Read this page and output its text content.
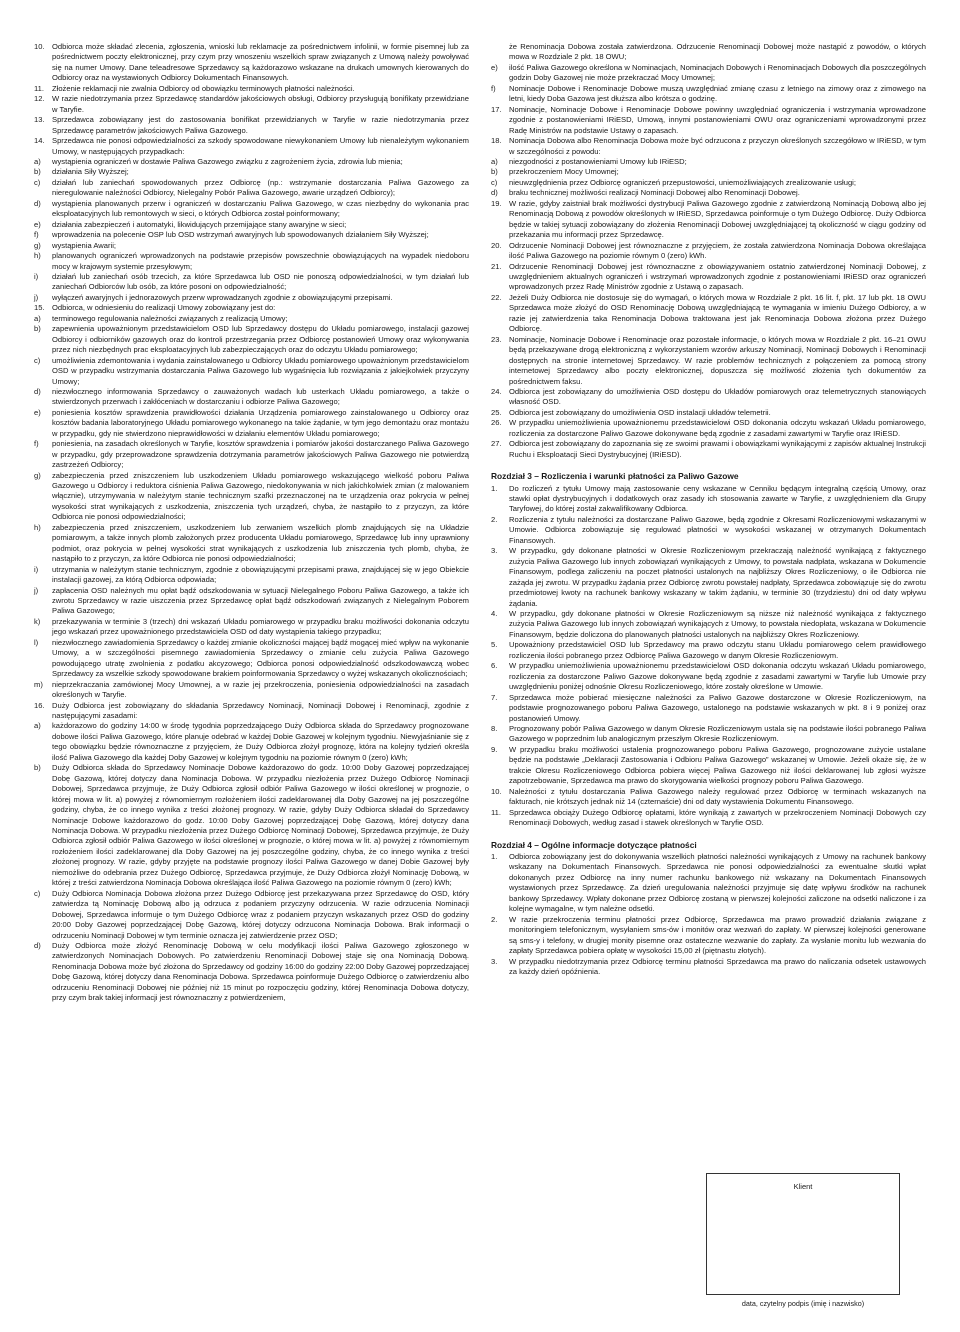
10. Odbiorca może składać zlecenia, zgłoszenia, wnioski lub reklamacje za pośrednictwem infolinii, w formie pisemnej lub za pośrednictwem poczty elektronicznej, przy czym przy wnoszeniu wszelkich spraw związanych z Umową należy powoływać się na numer Umowy. Dane teleadresowe Sprzedawcy są każdorazowo wskazane na drukach umownych kierowanych do Odbiorcy oraz na wystawionych Odbiorcy Dokumentach Finansowych.
11.	Złożenie reklamacji nie zwalnia Odbiorcy od obowiązku terminowych płatności należności.
12. W razie niedotrzymania przez Sprzedawcę standardów jakościowych obsługi, Odbiorcy przysługują bonifikaty przewidziane w Taryfie.
13. Sprzedawca zobowiązany jest do zastosowania bonifikat przewidzianych w Taryfie w razie niedotrzymania przez Sprzedawcę parametrów jakościowych Paliwa Gazowego.
14. Sprzedawca nie ponosi odpowiedzialności za szkody spowodowane niewykonaniem Umowy lub nienależytym wykonaniem Umowy, w następujących przypadkach:
a)	wystąpienia ograniczeń w dostawie Paliwa Gazowego związku z zagrożeniem życia, zdrowia lub mienia;
b)	działania Siły Wyższej;
c)	działań lub zaniechań spowodowanych przez Odbiorcę (np.: wstrzymanie dostarczania Paliwa Gazowego za nieregulowanie należności Odbiorcy, Nielegalny Pobór Paliwa Gazowego, awarie urządzeń Odbiorcy);
d)	wystąpienia planowanych przerw i ograniczeń w dostarczaniu Paliwa Gazowego, w czas niezbędny do wykonania prac eksploatacyjnych lub remontowych w sieci, o których Odbiorca został poinformowany;
e)	działania zabezpieczeń i automatyki, likwidujących przemijające stany awaryjne w sieci;
f)	wprowadzenia na polecenie OSP lub OSD wstrzymań awaryjnych lub spowodowanych działaniem Siły Wyższej;
g)	wystąpienia Awarii;
h)	planowanych ograniczeń wprowadzonych na podstawie przepisów powszechnie obowiązujących na wypadek niedoboru mocy w krajowym systemie przesyłowym;
i)	działań lub zaniechań osób trzecich, za które Sprzedawca lub OSD nie ponoszą odpowiedzialności, w tym działań lub zaniechań Odbiorców lub osób, za które posoni on odpowiedzialność;
j)	wyłączeń awaryjnych i jednorazowych przerw wprowadzanych zgodnie z obowiązującymi przepisami.
15. Odbiorca, w odniesieniu do realizacji Umowy zobowiązany jest do:
a)	terminowego regulowania należności związanych z realizacją Umowy;
b)	zapewnienia upoważnionym przedstawicielom OSD lub Sprzedawcy dostępu do Układu pomiarowego, instalacji gazowej Odbiorcy i odbiorników gazowych oraz do kontroli przestrzegania przez Odbiorcę postanowień Umowy oraz wykonywania przez nich niezbędnych prac eksploatacyjnych lub zabezpieczających oraz do odczytu Układu pomiarowego;
c)	umożliwienia zdemontowania i wydania zainstalowanego u Odbiorcy Układu pomiarowego upoważnionym przedstawicielom OSD w przypadku wstrzymania dostarczania Paliwa Gazowego lub wygaśnięcia lub rozwiązania z jakiejkolwiek przyczyny Umowy;
d)	niezwłocznego informowania Sprzedawcy o zauważonych wadach lub usterkach Układu pomiarowego, a także o stwierdzonych przerwach i zakłóceniach w dostarczaniu i odbiorze Paliwa Gazowego;
e)	poniesienia kosztów sprawdzenia prawidłowości działania Urządzenia pomiarowego zainstalowanego u Odbiorcy oraz kosztów badania laboratoryjnego Układu pomiarowego wykonanego na takie żądanie, w tym jego demontażu oraz montażu w przypadku, gdy nie stwierdzono nieprawidłowości w działaniu elementów Układu pomiarowego;
f)	poniesienia, na zasadach określonych w Taryfie, kosztów sprawdzenia i pomiarów jakości dostarczanego Paliwa Gazowego w przypadku, gdy przeprowadzone sprawdzenia dotrzymania parametrów jakościowych Paliwa Gazowego nie potwierdzą zastrzeżeń Odbiorcy;
g)	zabezpieczenia przed zniszczeniem lub uszkodzeniem Układu pomiarowego wskazującego wielkość poboru Paliwa Gazowego u Odbiorcy i reduktora ciśnienia Paliwa Gazowego, niedokonywania w nich jakichkolwiek zmian (z malowaniem włącznie), utrzymywania w należytym stanie technicznym szafki przeznaczonej na te urządzenia oraz pokrycia w pełnej wysokości strat wynikających z uszkodzenia, zniszczenia tych urządzeń, chyba, że nastąpiło to z przyczyn, za które Odbiorca nie ponosi odpowiedzialności;
h)	zabezpieczenia przed zniszczeniem, uszkodzeniem lub zerwaniem wszelkich plomb znajdujących się na Układzie pomiarowym, a także innych plomb założonych przez producenta Układu pomiarowego, Sprzedawcę lub inny uprawniony podmiot, oraz pokrycia w pełnej wysokości strat wynikających z uszkodzenia lub zniszczenia tych plomb, chyba, że nastąpiło to z przyczyn, za które Odbiorca nie ponosi odpowiedzialności;
i)	utrzymania w należytym stanie technicznym, zgodnie z obowiązującymi przepisami prawa, znajdującej się w jego Obiekcie instalacji gazowej, za którą Odbiorca odpowiada;
j)	zapłacenia OSD należnych mu opłat bądź odszkodowania w sytuacji Nielegalnego Poboru Paliwa Gazowego, a także ich zwrotu Sprzedawcy w razie uiszczenia przez Sprzedawcę opłat bądź odszkodowań związanych z Nielegalnym Poborem Paliwa Gazowego;
k)	przekazywania w terminie 3 (trzech) dni wskazań Układu pomiarowego w przypadku braku możliwości dokonania odczytu jego wskazań przez upoważnionego przedstawiciela OSD od daty wystąpienia takiego przypadku;
l)	niezwłocznego zawiadomienia Sprzedawcy o każdej zmianie okoliczności mającej bądź mogącej mieć wpływ na wykonanie Umowy, a w szczególności pisemnego zawiadomienia Sprzedawcy o zmianie celu zużycia Paliwa Gazowego powodującego utratę zwolnienia z podatku akcyzowego; Odbiorca ponosi odpowiedzialność odszkodowawczą wobec Sprzedawcy za wszelkie szkody spowodowane brakiem poinformowania Sprzedawcy o wyżej wskazanych okolicznościach;
m)	nieprzekraczania zamówionej Mocy Umownej, a w razie jej przekroczenia, poniesienia odpowiedzialności na zasadach określonych w Taryfie.
16. Duży Odbiorca jest zobowiązany do składania Sprzedawcy Nominacji, Nominacji Dobowej i Renominacji, zgodnie z następującymi zasadami:
a)	każdorazowo do godziny 14:00 w środę tygodnia poprzedzającego Duży Odbiorca składa do Sprzedawcy prognozowane dobowe ilości Paliwa Gazowego, które planuje odebrać w każdej Dobie Gazowej w kolejnym tygodniu. Niewyjaśnianie się z tego obowiązku będzie równoznaczne z przyjęciem, że Duży Odbiorca złożył prognozę, która na kolejny tydzień określa ilość Paliwa Gazowego dla każdej Doby Gazowej w kolejnym tygodniu na poziomie równym 0 (zero) kWh;
b)	Duży Odbiorca składa do Sprzedawcy Nominacje Dobowe każdorazowo do godz. 10:00 Doby Gazowej poprzedzającej Dobę Gazową, której dotyczy dana Nominacja Dobowa. W przypadku niezłożenia przez Dużego Odbiorcę Nominacji Dobowej, Sprzedawca przyjmuje, że Duży Odbiorca zgłosił odbiór Paliwa Gazowego w ilości określonej w prognozie, o której mowa w lit. a) powyżej z równomiernym rozłożeniem ilości zadeklarowanej dla Doby Gazowej na jej poszczególne godziny, chyba, że co innego wynika z treści złożonej prognozy. W razie, gdyby Duży Odbiorca składał do Sprzedawcy Nominacje Dobowe każdorazowo do godz. 10:00 Doby Gazowej poprzedzającej Dobę Gazową, której dotyczy dana Nominacja Dobowa. W przypadku niezłożenia przez Dużego Odbiorcę Nominacji Dobowej, Sprzedawca przyjmuje, że Duży Odbiorca zgłosił odbiór Paliwa Gazowego w ilości określonej w prognozie, o której mowa w lit. a) powyżej z równomiernym rozłożeniem ilości zadeklarowanej dla Doby Gazowej na jej poszczególne godziny, chyba, że co innego wynika z treści złożonej prognozy. W razie, gdyby przyjęte na podstawie prognozy ilości Paliwa Gazowego w danej Dobie Gazowej były niemożliwe do odebrania przez Dużego Odbiorcę, Sprzedawca przyjmuje, że Duży Odbiorca złożył Nominację Dobową, w której z treści zatwierdzona Nominacja Dobowa określająca ilość Paliwa Gazowego na poziomie równym 0 (zero) kWh;
c)	Duży Odbiorca Nominacja Dobowa złożona przez Dużego Odbiorcę jest przekazywana przez Sprzedawcę do OSD, który zatwierdza tą Nominację Dobową albo ją odrzuca z podaniem przyczyny odrzucenia. W razie odrzucenia Nominacji Dobowej, Sprzedawca informuje o tym Dużego Odbiorcę wraz z podaniem przyczyn wskazanych przez OSD do godziny 20:00 Doby Gazowej poprzedzającej Dobę Gazową, której dotyczy odrzucona Nominacja Dobowa. Brak informacji o odrzuceniu Nominacji Dobowej w tym terminie oznacza jej zatwierdzenie przez OSD;
d)	Duży Odbiorca może złożyć Renominację Dobową w celu modyfikacji ilości Paliwa Gazowego zgłoszonego w zatwierdzonych Nominacjach Dobowych. Po zatwierdzeniu Renominacji Dobowej staje się ona Nominacją Dobową. Renominacja Dobowa może być złożona do Sprzedawcy od godziny 16:00 do godziny 22:00 Doby Gazowej poprzedzającej Dobę Gazową, której dotyczy dana Renominacja Dobowa. Sprzedawca poinformuje Dużego Odbiorcę o zatwierdzeniu albo odrzuceniu Renominacji Dobowej nie później niż 15 minut po rozpoczęciu godziny, której Renominacja Dobowa dotyczy, przy czym brak takiej informacji jest równoznaczny z potwierdzeniem,
że Renominacja Dobowa została zatwierdzona. Odrzucenie Renominacji Dobowej może nastąpić z powodów, o których mowa w Rozdziale 2 pkt. 18 OWU;
e)	ilość Paliwa Gazowego określona w Nominacjach, Nominacjach Dobowych i Renominacjach Dobowych dla poszczególnych godzin Doby Gazowej nie może przekraczać Mocy Umownej;
f)	Nominacje Dobowe i Renominacje Dobowe muszą uwzględniać zmianę czasu z letniego na zimowy oraz z zimowego na letni, kiedy Doba Gazowa jest dłuższa albo krótsza o godzinę.
17. Nominacje, Nominacje Dobowe i Renominacje Dobowe powinny uwzględniać ograniczenia i wstrzymania wprowadzone zgodnie z postanowieniami IRiESD, Umową, innymi postanowieniami OWU oraz ograniczeniami wprowadzonymi przez Radę Ministrów na podstawie Ustawy o zapasach.
18. Nominacja Dobowa albo Renominacja Dobowa może być odrzucona z przyczyn określonych szczegółowo w IRiESD, w tym w szczególności z powodu:
a)	niezgodności z postanowieniami Umowy lub IRiESD;
b)	przekroczeniem Mocy Umownej;
c)	nieuwzględnienia przez Odbiorcę ograniczeń przepustowości, uniemożliwiających zrealizowanie usługi;
d)	braku technicznej możliwości realizacji Nominacji Dobowej albo Renominacji Dobowej.
19. W razie, gdyby zaistniał brak możliwości dystrybucji Paliwa Gazowego zgodnie z zatwierdzoną Nominacją Dobową albo jej Renominacją Dobową z powodów określonych w IRiESD, Sprzedawca poinformuje o tym Dużego Odbiorcę. Duży Odbiorca będzie w takiej sytuacji zobowiązany do złożenia Renominacji Dobowej uwzględniającej tą okoliczność w ciągu godziny od przekazania mu informacji przez Sprzedawcę.
20. Odrzucenie Nominacji Dobowej jest równoznaczne z przyjęciem, że została zatwierdzona Nominacja Dobowa określająca ilość Paliwa Gazowego na poziomie równym 0 (zero) kWh.
21. Odrzucenie Renominacji Dobowej jest równoznaczne z obowiązywaniem ostatnio zatwierdzonej Nominacji Dobowej, z uwzględnieniem aktualnych ograniczeń i wstrzymań wprowadzonych zgodnie z postanowieniami IRiESD oraz ograniczeń wprowadzonych przez Radę Ministrów zgodnie z Ustawą o zapasach.
22. Jeżeli Duży Odbiorca nie dostosuje się do wymagań, o których mowa w Rozdziale 2 pkt. 16 lit. f, pkt. 17 lub pkt. 18 OWU Sprzedawca może złożyć do OSD Renominację Dobową uwzględniającą te wymagania w imieniu Dużego Odbiorcy, a w razie jej zatwierdzenia taka Renominacja Dobowa traktowana jest jak Renominacja Dobowa złożona przez Dużego Odbiorcę.
23. Nominacje, Nominacje Dobowe i Renominacje oraz pozostałe informacje, o których mowa w Rozdziale 2 pkt. 16–21 OWU będą przekazywane drogą elektroniczną z wykorzystaniem wzorów arkuszy Nominacji, Nominacji Dobowych i Renominacji dostępnych na stronie internetowej Sprzedawcy. W razie problemów technicznych z połączeniem za pomocą strony internetowej Sprzedawcy albo poczty elektronicznej, dopuszcza się możliwość złożenia tych dokumentów za pośrednictwem faksu.
24. Odbiorca jest zobowiązany do umożliwienia OSD dostępu do Układów pomiarowych oraz telemetrycznych stanowiących własność OSD.
25. Odbiorca jest zobowiązany do umożliwienia OSD instalacji układów telemetrii.
26. W przypadku uniemożliwienia upoważnionemu przedstawicielowi OSD dokonania odczytu wskazań Układu pomiarowego, rozliczenia za dostarczone Paliwo Gazowe dokonywane będą zgodnie z zasadami zawartymi w Taryfie oraz IRiESD.
27. Odbiorca jest zobowiązany do zapoznania się ze swoimi prawami i obowiązkami wynikającymi z zapisów aktualnej Instrukcji Ruchu i Eksploatacji Sieci Dystrybucyjnej (IRiESD).
Rozdział 3 – Rozliczenia i warunki płatności za Paliwo Gazowe
1.	Do rozliczeń z tytułu Umowy mają zastosowanie ceny wskazane w Cenniku będącym integralną częścią Umowy, oraz stawki opłat dystrybucyjnych i dodatkowych oraz zasady ich stosowania zawarte w Taryfie, z uwzględnieniem dla Grupy Taryfowej, do której został zakwalifikowany Odbiorca.
2.	Rozliczenia z tytułu należności za dostarczane Paliwo Gazowe, będą zgodnie z Okresami Rozliczeniowymi wskazanymi w Umowie. Odbiorca zobowiązuje się regulować płatności w wysokości wskazanej w otrzymanych Dokumentach Finansowych.
3.	W przypadku, gdy dokonane płatności w Okresie Rozliczeniowym przekraczają należność wynikającą z faktycznego zużycia Paliwa Gazowego lub innych zobowiązań wynikających z Umowy, to powstała nadpłata, wskazana w Dokumencie Finansowym, podlega zaliczeniu na poczet płatności ustalonych na najbliższy Okres Rozliczeniowy, o ile Odbiorca nie zażąda jej zwrotu. W przypadku żądania przez Odbiorcę zwrotu powstałej nadpłaty, Sprzedawca zobowiązuje się do zwrotu przedmiotowej kwoty na rachunek bankowy wskazany w takim żądaniu, w terminie 30 (trzydziestu) dni od daty wpływu żądania.
4.	W przypadku, gdy dokonane płatności w Okresie Rozliczeniowym są niższe niż należność wynikająca z faktycznego zużycia Paliwa Gazowego lub innych zobowiązań wynikających z Umowy, to powstała niedopłata, wskazana w Dokumencie Finansowym, będzie doliczona do planowanych płatności ustalonych na najbliższy Okres Rozliczeniowy.
5.	Upoważniony przedstawiciel OSD lub Sprzedawcy ma prawo odczytu stanu Układu pomiarowego celem prawidłowego rozliczenia ilości pobranego przez Odbiorcę Paliwa Gazowego w danym Okresie Rozliczeniowym.
6.	W przypadku uniemożliwienia upoważnionemu przedstawicielowi OSD dokonania odczytu wskazań Układu pomiarowego, rozliczenia za dostarczone Paliwo Gazowe dokonywane będą zgodnie z zasadami zawartymi w Taryfie lub Umowie przy uwzględnieniu poniżej odnośnie Okresu Rozliczeniowego, które zostały określone w Umowie.
7.	Sprzedawca może pobierać miesięczne należności za Paliwo Gazowe dostarczone w Okresie Rozliczeniowym, na podstawie prognozowanego poboru Paliwa Gazowego, ustalonego na podstawie wskazanych w pkt. 8 i 9 poniżej oraz postanowień Umowy.
8.	Prognozowany pobór Paliwa Gazowego w danym Okresie Rozliczeniowym ustala się na podstawie ilości pobranego Paliwa Gazowego w poprzednim lub analogicznym przeszłym Okresie Rozliczeniowym.
9.	W przypadku braku możliwości ustalenia prognozowanego poboru Paliwa Gazowego, prognozowane zużycie ustalane będzie na podstawie „Deklaracji Zastosowania i Odbioru Paliwa Gazowego” wskazanej w Umowie. Jeżeli okaże się, że w trakcie Okresu Rozliczeniowego Odbiorca pobiera więcej Paliwa Gazowego niż ilości deklarowanej lub zgłosi wyższe zapotrzebowanie, Sprzedawca ma prawo do skorygowania wielkości prognozy poboru Paliwa Gazowego.
10. Należności z tytułu dostarczania Paliwa Gazowego należy regulować przez Odbiorcę w terminach wskazanych na fakturach, nie krótszych jednak niż 14 (czternaście) dni od daty wystawienia Dokumentu Finansowego.
11.	Sprzedawca obciąży Dużego Odbiorcę opłatami, które wynikają z zawartych w przekroczeniem Nominacji Dobowych czy Renominacji Dobowych, według zasad i stawek określonych w Taryfie OSD.
Rozdział 4 – Ogólne informacje dotyczące płatności
1.	Odbiorca zobowiązany jest do dokonywania wszelkich płatności należności wynikających z Umowy na rachunek bankowy wskazany na Dokumentach Finansowych. Sprzedawca nie ponosi odpowiedzialności za ewentualne skutki wpłat dokonanych przez Odbiorcę na inny numer rachunku bankowego niż wskazany na Dokumentach Finansowych wystawionych przez Sprzedawcę. Za dzień uregulowania należności przyjmuje się datę wpływu środków na rachunek bankowy Sprzedawcy. Wpłaty dokonane przez Odbiorcę zostaną w pierwszej kolejności zaliczone na odsetki naliczone i za kolejne wymagalne, w tym należne odsetki.
2.	W razie przekroczenia terminu płatności przez Odbiorcę, Sprzedawca ma prawo prowadzić działania związane z monitoringiem telefonicznym, wysyłaniem sms-ów i monitów oraz wezwań do zapłaty. W pierwszej kolejności generowane są sms-y i telefony, w drugiej monity pisemne oraz ostateczne wezwanie do zapłaty. Za wysłanie monitu lub wezwania do zapłaty Sprzedawca pobiera opłatę w wysokości 15,00 zł (piętnastu złotych).
3.	W przypadku niedotrzymania przez Odbiorcę terminu płatności Sprzedawca ma prawo do naliczania odsetek ustawowych za każdy dzień opóźnienia.
Klient
data, czytelny podpis (imię i nazwisko)
